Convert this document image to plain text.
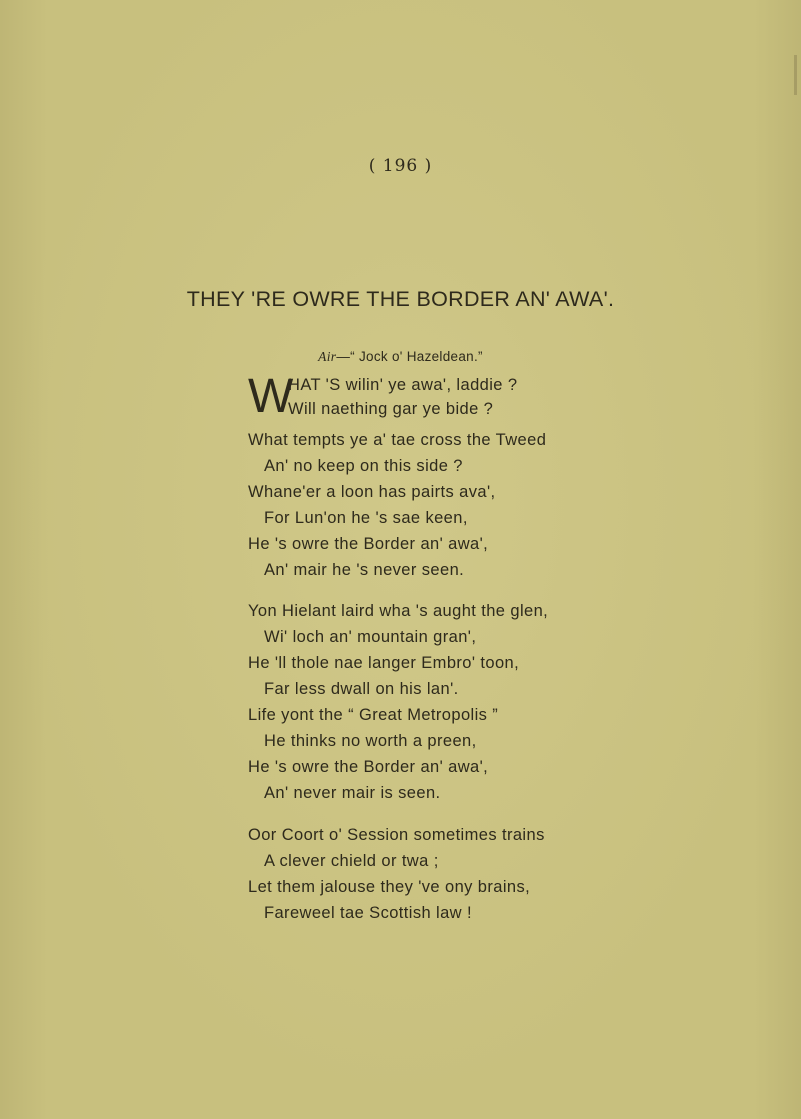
( 196 )
THEY 'RE OWRE THE BORDER AN' AWA'.
Air—“ Jock o' Hazeldean.”
W
HAT 'S wilin' ye awa', laddie ?
Will naething gar ye bide ?
What tempts ye a' tae cross the Tweed
An' no keep on this side ?
Whane'er a loon has pairts ava',
For Lun'on he 's sae keen,
He 's owre the Border an' awa',
An' mair he 's never seen.
Yon Hielant laird wha 's aught the glen,
Wi' loch an' mountain gran',
He 'll thole nae langer Embro' toon,
Far less dwall on his lan'.
Life yont the “ Great Metropolis ”
He thinks no worth a preen,
He 's owre the Border an' awa',
An' never mair is seen.
Oor Coort o' Session sometimes trains
A clever chield or twa ;
Let them jalouse they 've ony brains,
Fareweel tae Scottish law !
